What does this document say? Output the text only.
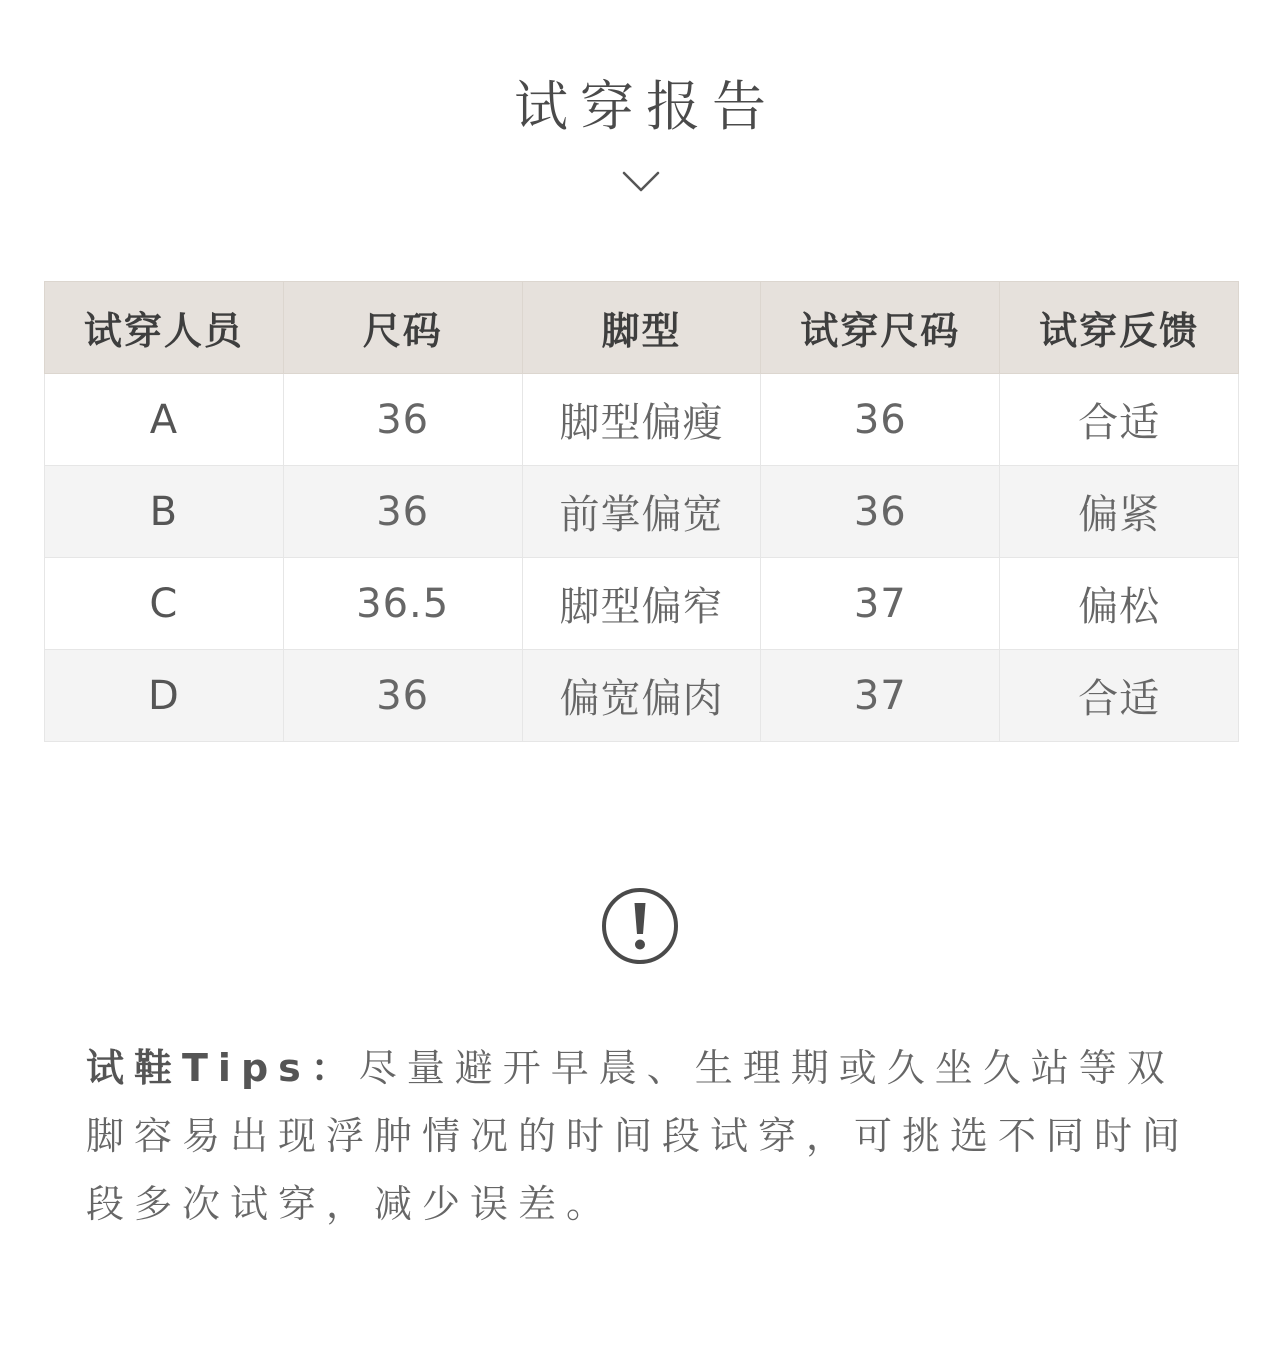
试穿报告
试穿人员	尺码	脚型	试穿尺码	试穿反馈
A	36	脚型偏瘦	36	合适
B	36	前掌偏宽	36	偏紧
C	36.5	脚型偏窄	37	偏松
D	36	偏宽偏肉	37	合适
试鞋Tips：尽量避开早晨、生理期或久坐久站等双脚容易出现浮肿情况的时间段试穿，可挑选不同时间段多次试穿，减少误差。
